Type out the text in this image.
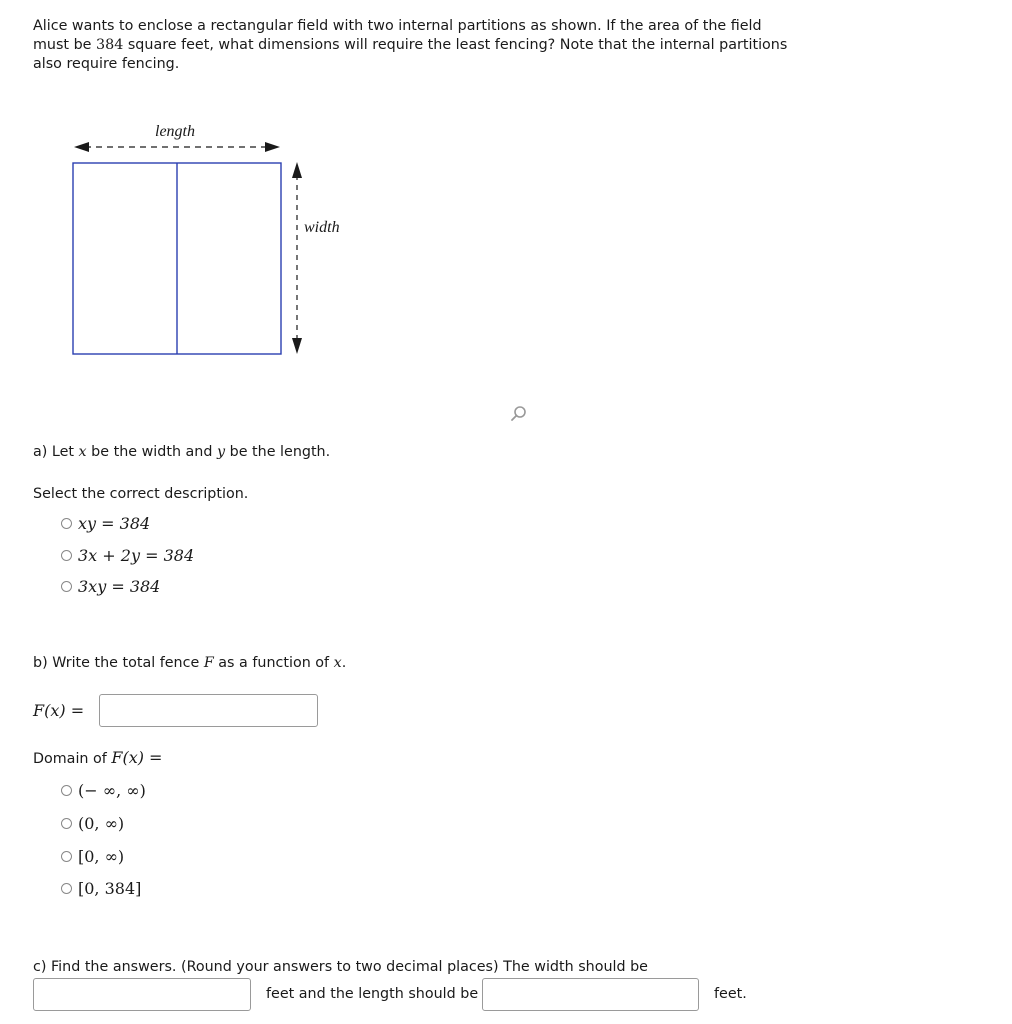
Alice wants to enclose a rectangular field with two internal partitions as shown. If the area of the field
must be 384 square feet, what dimensions will require the least fencing? Note that the internal partitions
also require fencing.
length
width
a) Let x be the width and y be the length.
Select the correct description.
xy = 384
3x + 2y = 384
3xy = 384
b) Write the total fence F as a function of x.
F(x) =
Domain of F(x) =
(− ∞, ∞)
(0, ∞)
[0, ∞)
[0, 384]
c) Find the answers. (Round your answers to two decimal places) The width should be
feet and the length should be	feet.
